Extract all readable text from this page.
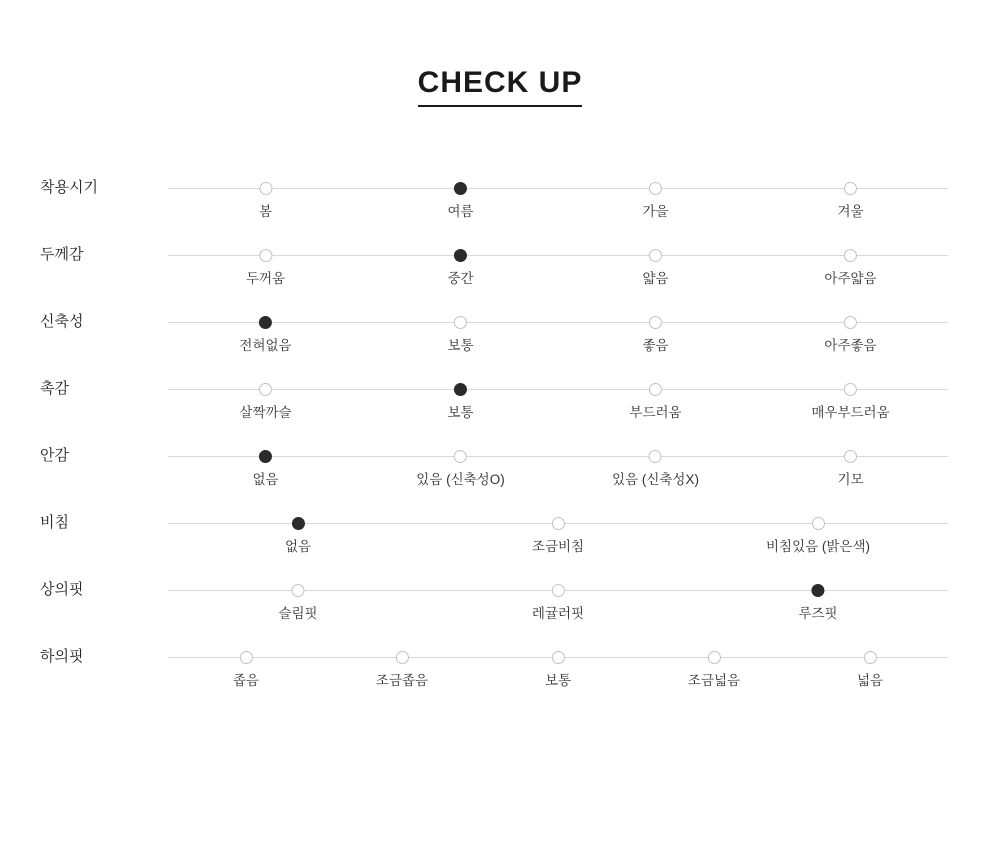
CHECK UP
착용시기
봄	여름	가을	겨울
두께감
두꺼움	중간	얇음	아주얇음
신축성
전혀없음	보통	좋음	아주좋음
촉감
살짝까슬	보통	부드러움	매우부드러움
안감
없음	있음 (신축성O)	있음 (신축성X)	기모
비침
없음	조금비침	비침있음 (밝은색)
상의핏
슬림핏	레귤러핏	루즈핏
하의핏
좁음	조금좁음	보통	조금넓음	넓음
